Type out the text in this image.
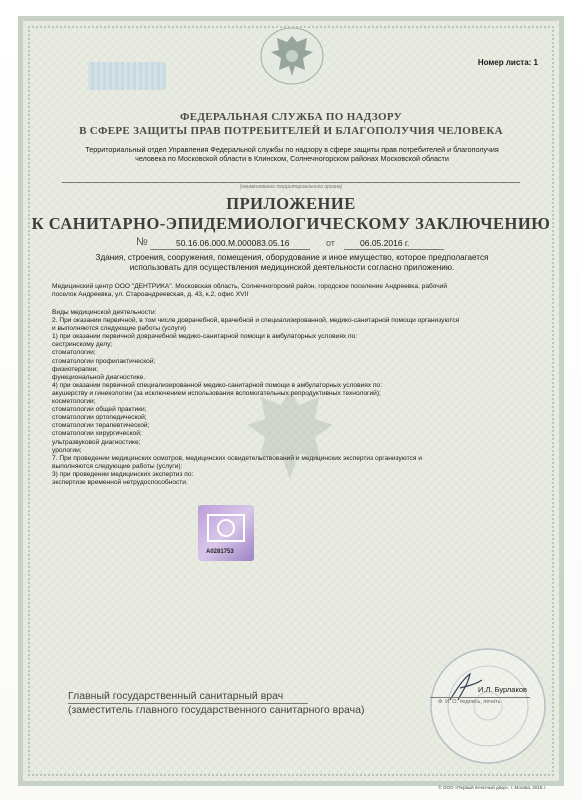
Номер листа: 1
ФЕДЕРАЛЬНАЯ СЛУЖБА ПО НАДЗОРУ
В СФЕРЕ ЗАЩИТЫ ПРАВ ПОТРЕБИТЕЛЕЙ И БЛАГОПОЛУЧИЯ ЧЕЛОВЕКА
Территориальный отдел Управления Федеральной службы по надзору в сфере защиты прав потребителей и благополучия
человека по Московской области в Клинском, Солнечногорском районах Московской области
(наименование территориального органа)
ПРИЛОЖЕНИЕ
К САНИТАРНО-ЭПИДЕМИОЛОГИЧЕСКОМУ ЗАКЛЮЧЕНИЮ
№	50.16.06.000.М.000083.05.16	от	06.05.2016 г.
Здания, строения, сооружения, помещения, оборудование и иное имущество, которое предполагается
использовать для осуществления медицинской деятельности согласно приложению.

Медицинский центр ООО "ДЕНТРИКА". Московская область, Солнечногорский район, городское поселение Андреевка, рабочий

поселок Андреевка, ул. Староандреевская, д. 43, к.2, офис XVII

Виды медицинской деятельности:

2. При оказании первичной, в том числе доврачебной, врачебной и специализированной, медико-санитарной помощи организуются

и выполняются следующие работы (услуги)

1) при оказании первичной доврачебной медико-санитарной помощи в амбулаторных условиях по:

сестринскому делу;

стоматологии;

стоматологии профилактической;

физиотерапии;

функциональной диагностике.

4) при оказании первичной специализированной медико-санитарной помощи в амбулаторных условиях по:

акушерству и гинекологии (за исключением использования вспомогательных репродуктивных технологий);

косметологии;

стоматологии общей практики;

стоматологии ортопедической;

стоматологии терапевтической;

стоматологии хирургической;

ультразвуковой диагностике;

урологии;

7. При проведении медицинских осмотров, медицинских освидетельствований и медицинских экспертиз организуются и

выполняются следующие работы (услуги):

3) при проведении медицинских экспертиз по:

экспертизе временной нетрудоспособности.

А0281753
Главный государственный санитарный врач
(заместитель главного государственного санитарного врача)
И.Л. Бурлаков
Ф. И. О. подпись, печать
© ООО «Первый печатный двор», г. Москва, 2015 г.
